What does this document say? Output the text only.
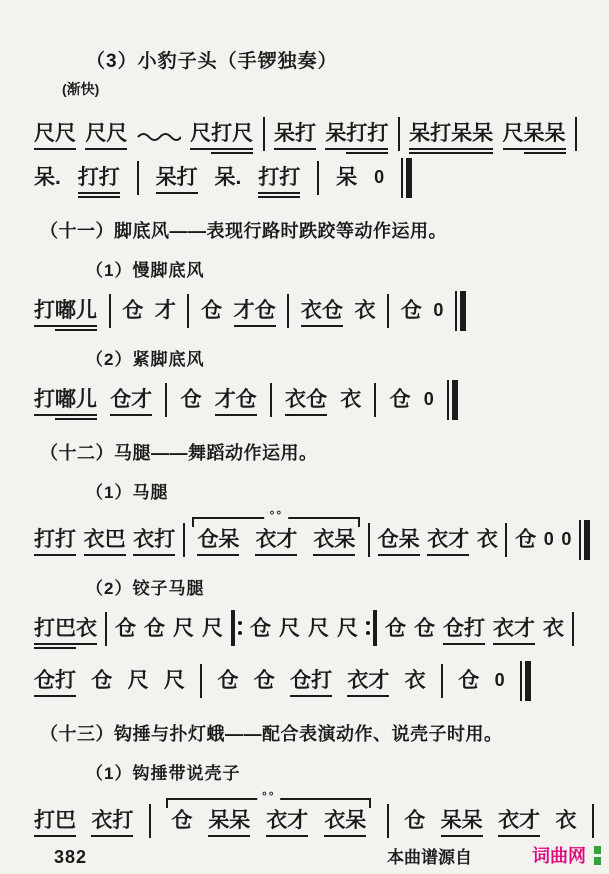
（3）小豹子头（手锣独奏）
(渐快)
尺尺 尺尺	尺打尺 呆打 呆打打 呆打呆呆 尺呆呆
呆. 打打 呆打 呆. 打打 呆 0
（十一）脚底风——表现行路时跌跤等动作运用。
（1）慢脚底风
打嘟儿 仓 才 仓 才仓 衣仓 衣 仓 0
（2）紧脚底风
打嘟儿 仓才 仓 才仓 衣仓 衣 仓 0
（十二）马腿——舞蹈动作运用。
（1）马腿
打打 衣巴 衣打
°°
仓呆 衣才 衣呆 仓呆 衣才 衣 仓 0 0
（2）铰子马腿
打巴衣 仓 仓 尺 尺 仓 尺 尺 尺 仓 仓 仓打 衣才 衣
仓打 仓 尺 尺 仓 仓 仓打 衣才 衣 仓 0
（十三）钩捶与扑灯蛾——配合表演动作、说壳子时用。
（1）钩捶带说壳子
打巴 衣打
°°
仓 呆呆 衣才 衣呆 仓 呆呆 衣才 衣
382	本曲谱源自	词曲网
